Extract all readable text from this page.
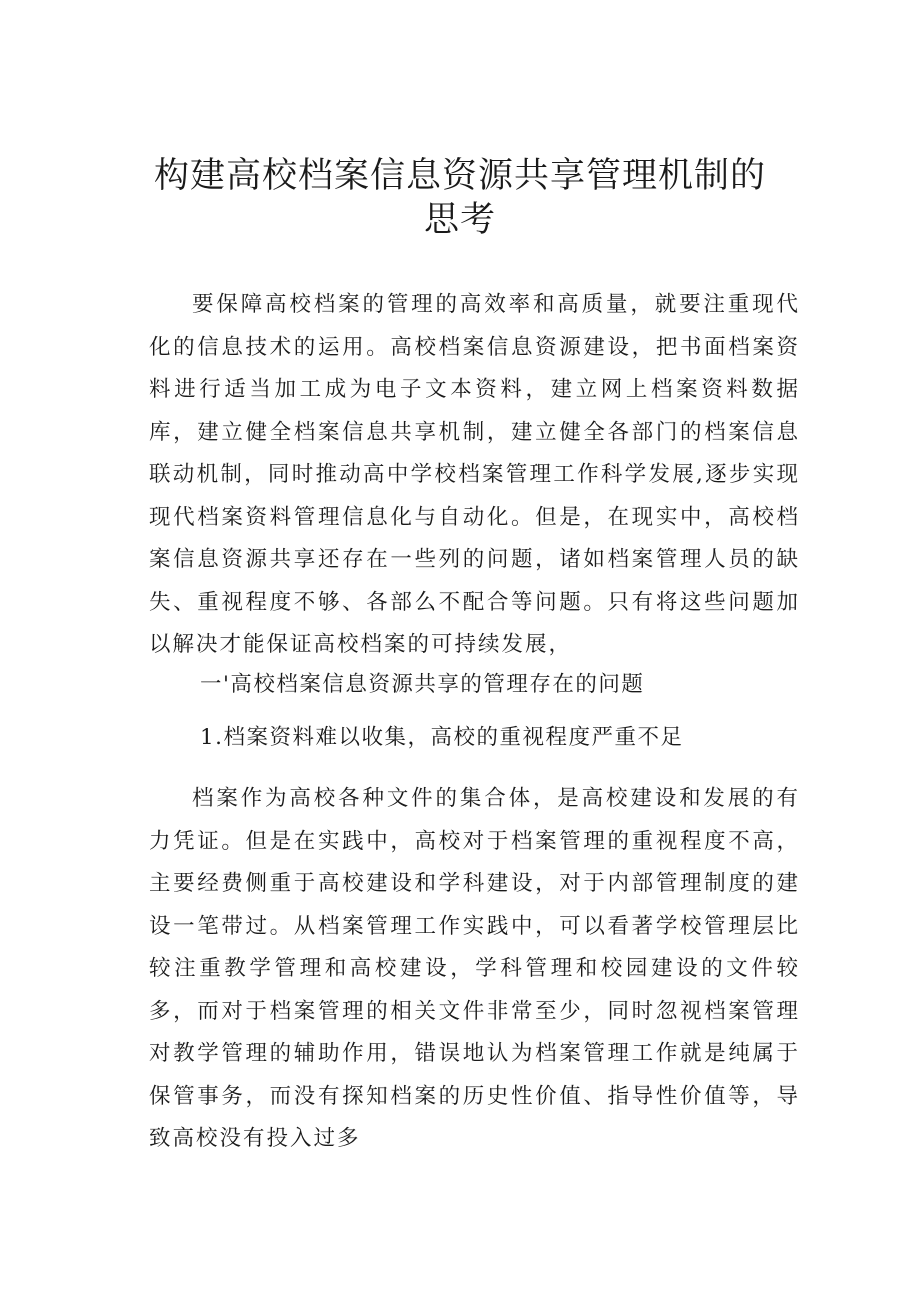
构建高校档案信息资源共享管理机制的
思考

要保障高校档案的管理的高效率和高质量，就要注重现代化的信息技术的运用。高校档案信息资源建设，把书面档案资料进行适当加工成为电子文本资料，建立网上档案资料数据库，建立健全档案信息共享机制，建立健全各部门的档案信息联动机制，同时推动高中学校档案管理工作科学发展,逐步实现现代档案资料管理信息化与自动化。但是，在现实中，高校档案信息资源共享还存在一些列的问题，诸如档案管理人员的缺失、重视程度不够、各部么不配合等问题。只有将这些问题加以解决才能保证高校档案的可持续发展，

一'高校档案信息资源共享的管理存在的问题

1.档案资料难以收集，高校的重视程度严重不足

档案作为高校各种文件的集合体，是高校建设和发展的有力凭证。但是在实践中，高校对于档案管理的重视程度不高，主要经费侧重于高校建设和学科建设，对于内部管理制度的建设一笔带过。从档案管理工作实践中，可以看著学校管理层比较注重教学管理和高校建设，学科管理和校园建设的文件较多，而对于档案管理的相关文件非常至少，同时忽视档案管理对教学管理的辅助作用，错误地认为档案管理工作就是纯属于保管事务，而没有探知档案的历史性价值、指导性价值等，导致高校没有投入过多
